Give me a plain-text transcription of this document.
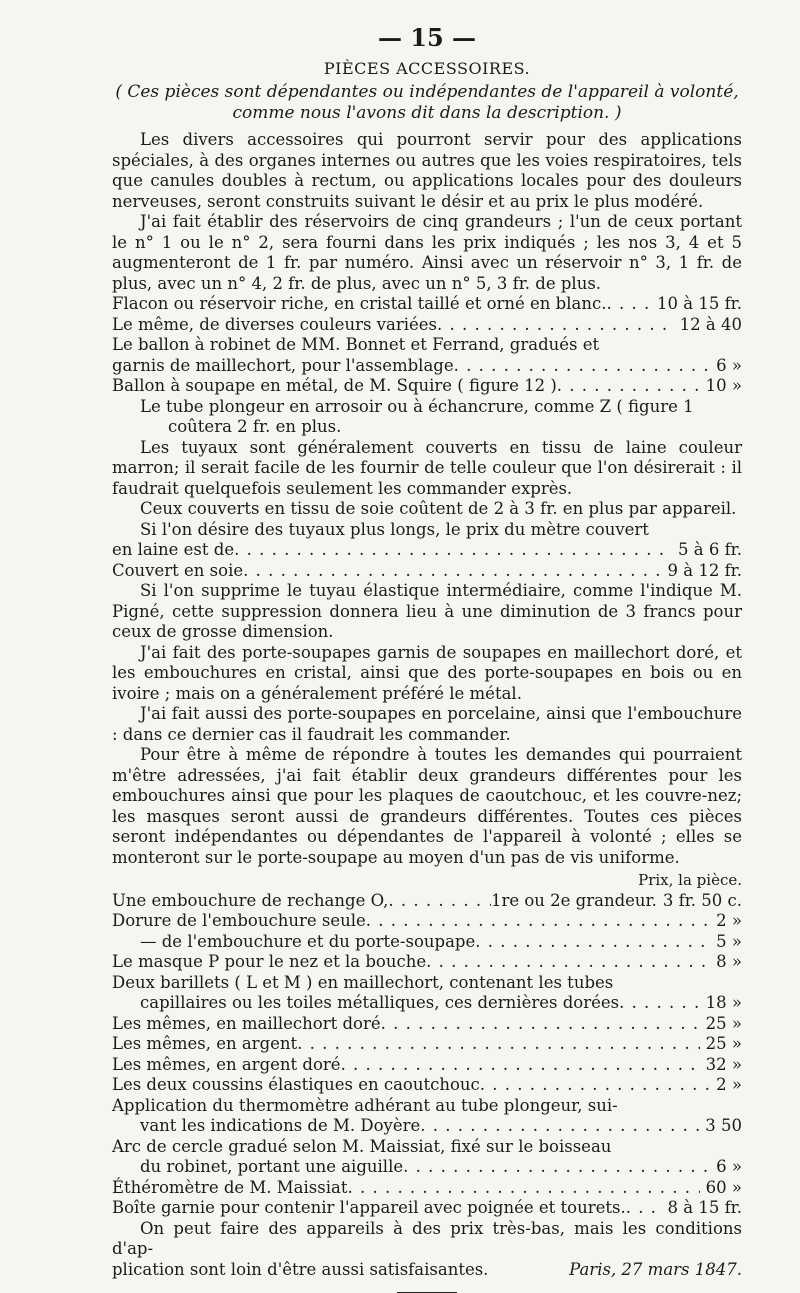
— 15 —
PIÈCES ACCESSOIRES.
( Ces pièces sont dépendantes ou indépendantes de l'appareil à volonté, comme nous l'avons dit dans la description. )

Les divers accessoires qui pourront servir pour des applications spéciales, à des organes internes ou autres que les voies respiratoires, tels que canules doubles à rectum, ou applications locales pour des douleurs nerveuses, seront construits suivant le désir et au prix le plus modéré.

J'ai fait établir des réservoirs de cinq grandeurs ; l'un de ceux portant le n° 1 ou le n° 2, sera fourni dans les prix indiqués ; les nos 3, 4 et 5 augmenteront de 1 fr. par numéro. Ainsi avec un réservoir n° 3, 1 fr. de plus, avec un n° 4, 2 fr. de plus, avec un n° 5, 3 fr. de plus.

Flacon ou réservoir riche, en cristal taillé et orné en blanc. . . .	10 à 15 fr.
Le même, de diverses couleurs variées . . .	12 à 40
Le ballon à robinet de MM. Bonnet et Ferrand, gradués et
garnis de maillechort, pour l'assemblage . . .	6 »
Ballon à soupape en métal, de M. Squire ( figure 12 ) . . .	10 »
Le tube plongeur en arrosoir ou à échancrure, comme Z ( figure 1
coûtera 2 fr. en plus.

Les tuyaux sont généralement couverts en tissu de laine couleur marron; il serait facile de les fournir de telle couleur que l'on désirerait : il faudrait quelquefois seulement les commander exprès.

Ceux couverts en tissu de soie coûtent de 2 à 3 fr. en plus par appareil.

Si l'on désire des tuyaux plus longs, le prix du mètre couvert

en laine est de . . .	5 à 6 fr.
Couvert en soie . . .	9 à 12 fr.

Si l'on supprime le tuyau élastique intermédiaire, comme l'indique M. Pigné, cette suppression donnera lieu à une diminution de 3 francs pour ceux de grosse dimension.

J'ai fait des porte-soupapes garnis de soupapes en maillechort doré, et les embouchures en cristal, ainsi que des porte-soupapes en bois ou en ivoire ; mais on a généralement préféré le métal.

J'ai fait aussi des porte-soupapes en porcelaine, ainsi que l'embouchure : dans ce dernier cas il faudrait les commander.

Pour être à même de répondre à toutes les demandes qui pourraient m'être adressées, j'ai fait établir deux grandeurs différentes pour les embouchures ainsi que pour les plaques de caoutchouc, et les couvre-nez; les masques seront aussi de grandeurs différentes. Toutes ces pièces seront indépendantes ou dépendantes de l'appareil à volonté ; elles se monteront sur le porte-soupape au moyen d'un pas de vis uniforme.

Prix, la pièce.
Une embouchure de rechange O, . . .	1re ou 2e grandeur. 3 fr. 50 c.
Dorure de l'embouchure seule . . .	2 »
— de l'embouchure et du porte-soupape . . .	5 »
Le masque P pour le nez et la bouche . . .	8 »
Deux barillets ( L et M ) en maillechort, contenant les tubes
capillaires ou les toiles métalliques, ces dernières dorées . . .	18 »
Les mêmes, en maillechort doré . . .	25 »
Les mêmes, en argent . . .	25 »
Les mêmes, en argent doré . . .	32 »
Les deux coussins élastiques en caoutchouc . . .	2 »
Application du thermomètre adhérant au tube plongeur, sui-
vant les indications de M. Doyère . . .	3 50
Arc de cercle gradué selon M. Maissiat, fixé sur le boisseau
du robinet, portant une aiguille . . .	6 »
Éthéromètre de M. Maissiat . . .	60 »
Boîte garnie pour contenir l'appareil avec poignée et tourets. . . .	8 à 15 fr.

On peut faire des appareils à des prix très-bas, mais les conditions d'ap-

plication sont loin d'être aussi satisfaisantes.	Paris, 27 mars 1847.
